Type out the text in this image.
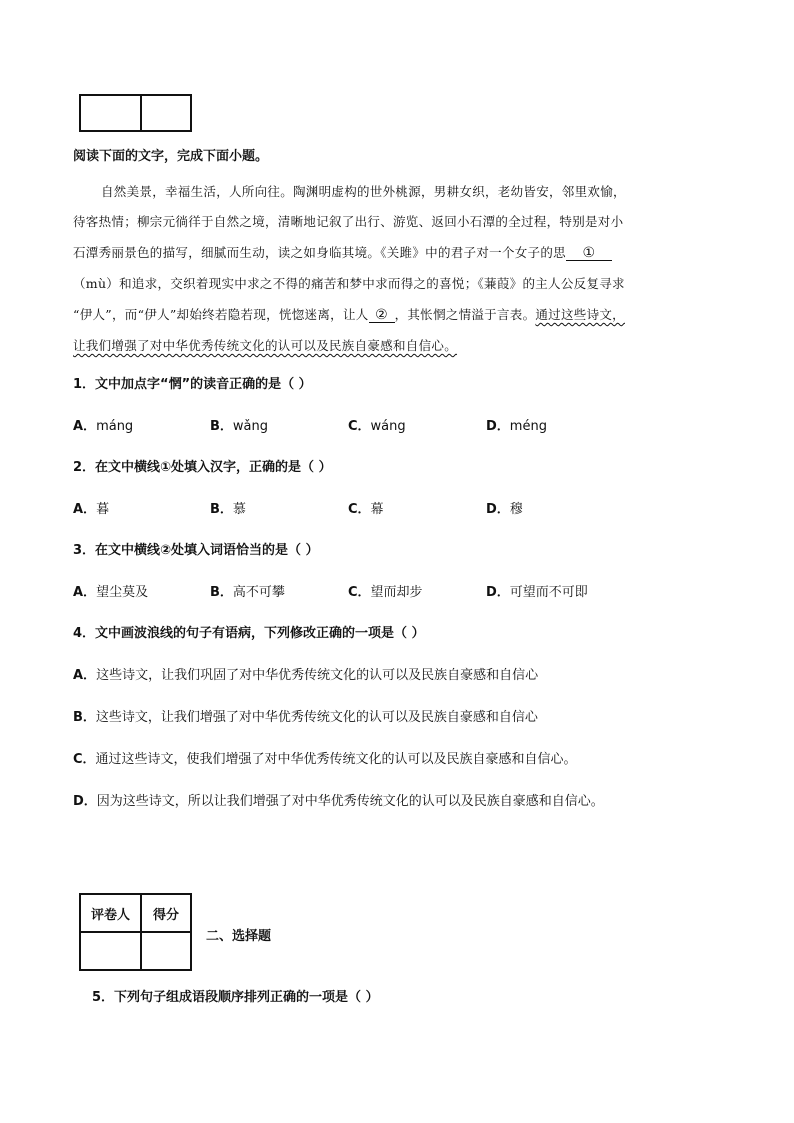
阅读下面的文字，完成下面小题。
自然美景，幸福生活，人所向往。陶渊明虚构的世外桃源，男耕女织，老幼皆安，邻里欢愉，
待客热情；柳宗元徜徉于自然之境，清晰地记叙了出行、游览、返回小石潭的全过程，特别是对小
石潭秀丽景色的描写，细腻而生动，读之如身临其境。《关雎》中的君子对一个女子的思 ①
（mù）和追求，交织着现实中求之不得的痛苦和梦中求而得之的喜悦；《蒹葭》的主人公反复寻求
“伊人”，而“伊人”却始终若隐若现，恍惚迷离，让人 ② ，其怅惘之情溢于言表。通过这些诗文，
让我们增强了对中华优秀传统文化的认可以及民族自豪感和自信心。
1．文中加点字“惘”的读音正确的是（ ）
A．máng	B．wǎng	C．wáng	D．méng
2．在文中横线①处填入汉字，正确的是（ ）
A．暮	B．慕	C．幕	D．穆
3．在文中横线②处填入词语恰当的是（ ）
A．望尘莫及	B．高不可攀	C．望而却步	D．可望而不可即
4．文中画波浪线的句子有语病，下列修改正确的一项是（ ）
A．这些诗文，让我们巩固了对中华优秀传统文化的认可以及民族自豪感和自信心
B．这些诗文，让我们增强了对中华优秀传统文化的认可以及民族自豪感和自信心
C．通过这些诗文，使我们增强了对中华优秀传统文化的认可以及民族自豪感和自信心。
D．因为这些诗文，所以让我们增强了对中华优秀传统文化的认可以及民族自豪感和自信心。
评卷人	得分

二、选择题
5．下列句子组成语段顺序排列正确的一项是（ ）
